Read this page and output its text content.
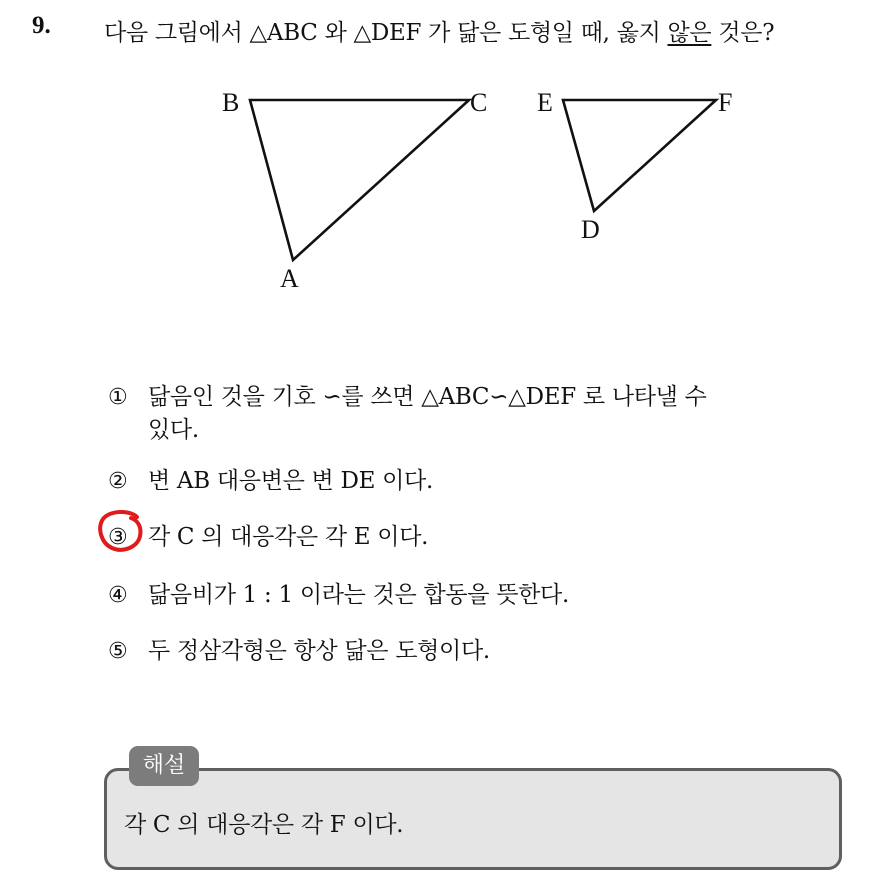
9. 다음 그림에서 △ABC 와 △DEF 가 닮은 도형일 때, 옳지 않은 것은?
B	C
A
E	F
D
① 닮음인 것을 기호 ∽를 쓰면 △ABC∽△DEF 로 나타낼 수
있다.
② 변 AB 대응변은 변 DE 이다.
③ 각 C 의 대응각은 각 E 이다.
④ 닮음비가 1 : 1 이라는 것은 합동을 뜻한다.
⑤ 두 정삼각형은 항상 닮은 도형이다.
해설
각 C 의 대응각은 각 F 이다.
